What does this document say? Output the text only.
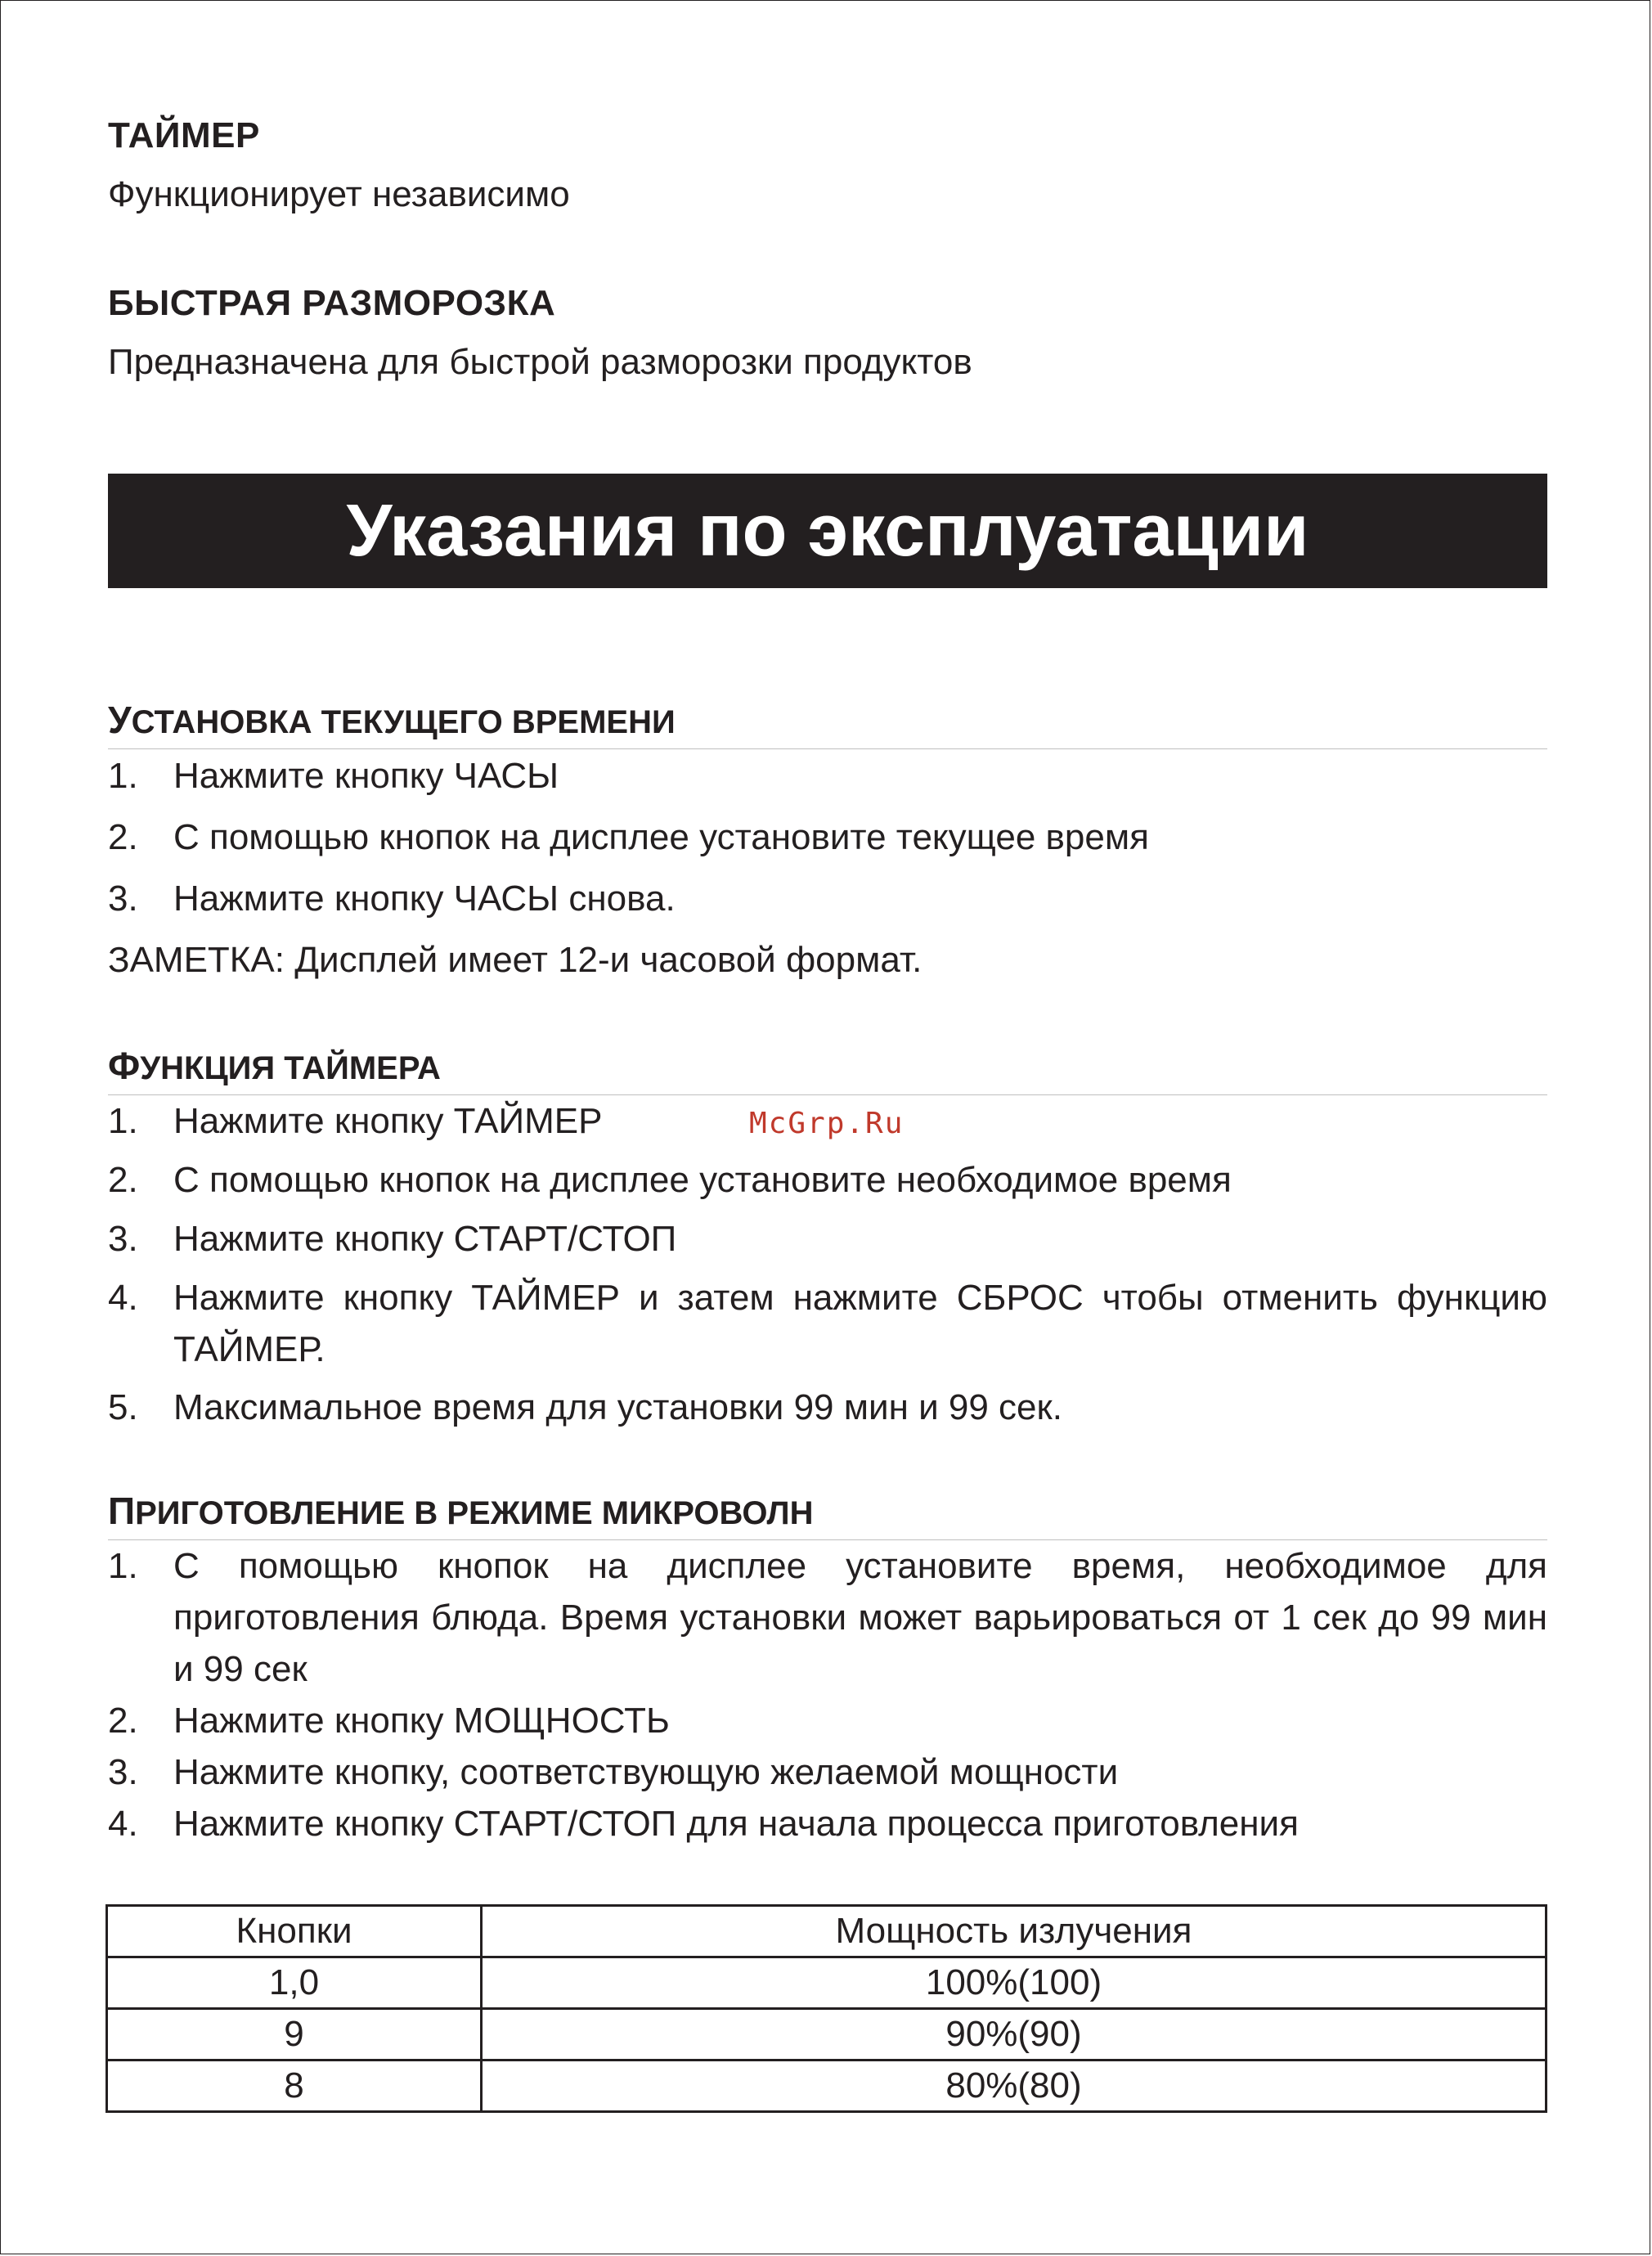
ТАЙМЕР
Функционирует независимо
БЫСТРАЯ РАЗМОРОЗКА
Предназначена для быстрой разморозки продуктов
Указания по эксплуатации
УСТАНОВКА ТЕКУЩЕГО ВРЕМЕНИ
1. Нажмите кнопку ЧАСЫ
2. С помощью кнопок на дисплее установите текущее время
3. Нажмите кнопку ЧАСЫ снова.
ЗАМЕТКА: Дисплей имеет 12-и часовой формат.
ФУНКЦИЯ ТАЙМЕРА
1. Нажмите кнопку ТАЙМЕР
2. С помощью кнопок на дисплее установите необходимое время
3. Нажмите кнопку СТАРТ/СТОП
4. Нажмите кнопку ТАЙМЕР и затем нажмите СБРОС чтобы отменить функцию ТАЙМЕР.
5. Максимальное время для установки 99 мин и 99 сек.
ПРИГОТОВЛЕНИЕ В РЕЖИМЕ МИКРОВОЛН
1. С помощью кнопок на дисплее установите время, необходимое для приготовления блюда. Время установки может варьироваться от 1 сек до 99 мин и 99 сек
2. Нажмите кнопку МОЩНОСТЬ
3. Нажмите кнопку, соответствующую желаемой мощности
4. Нажмите кнопку СТАРТ/СТОП для начала процесса приготовления
McGrp.Ru
Кнопки	Мощность излучения
1,0	100%(100)
9	90%(90)
8	80%(80)
